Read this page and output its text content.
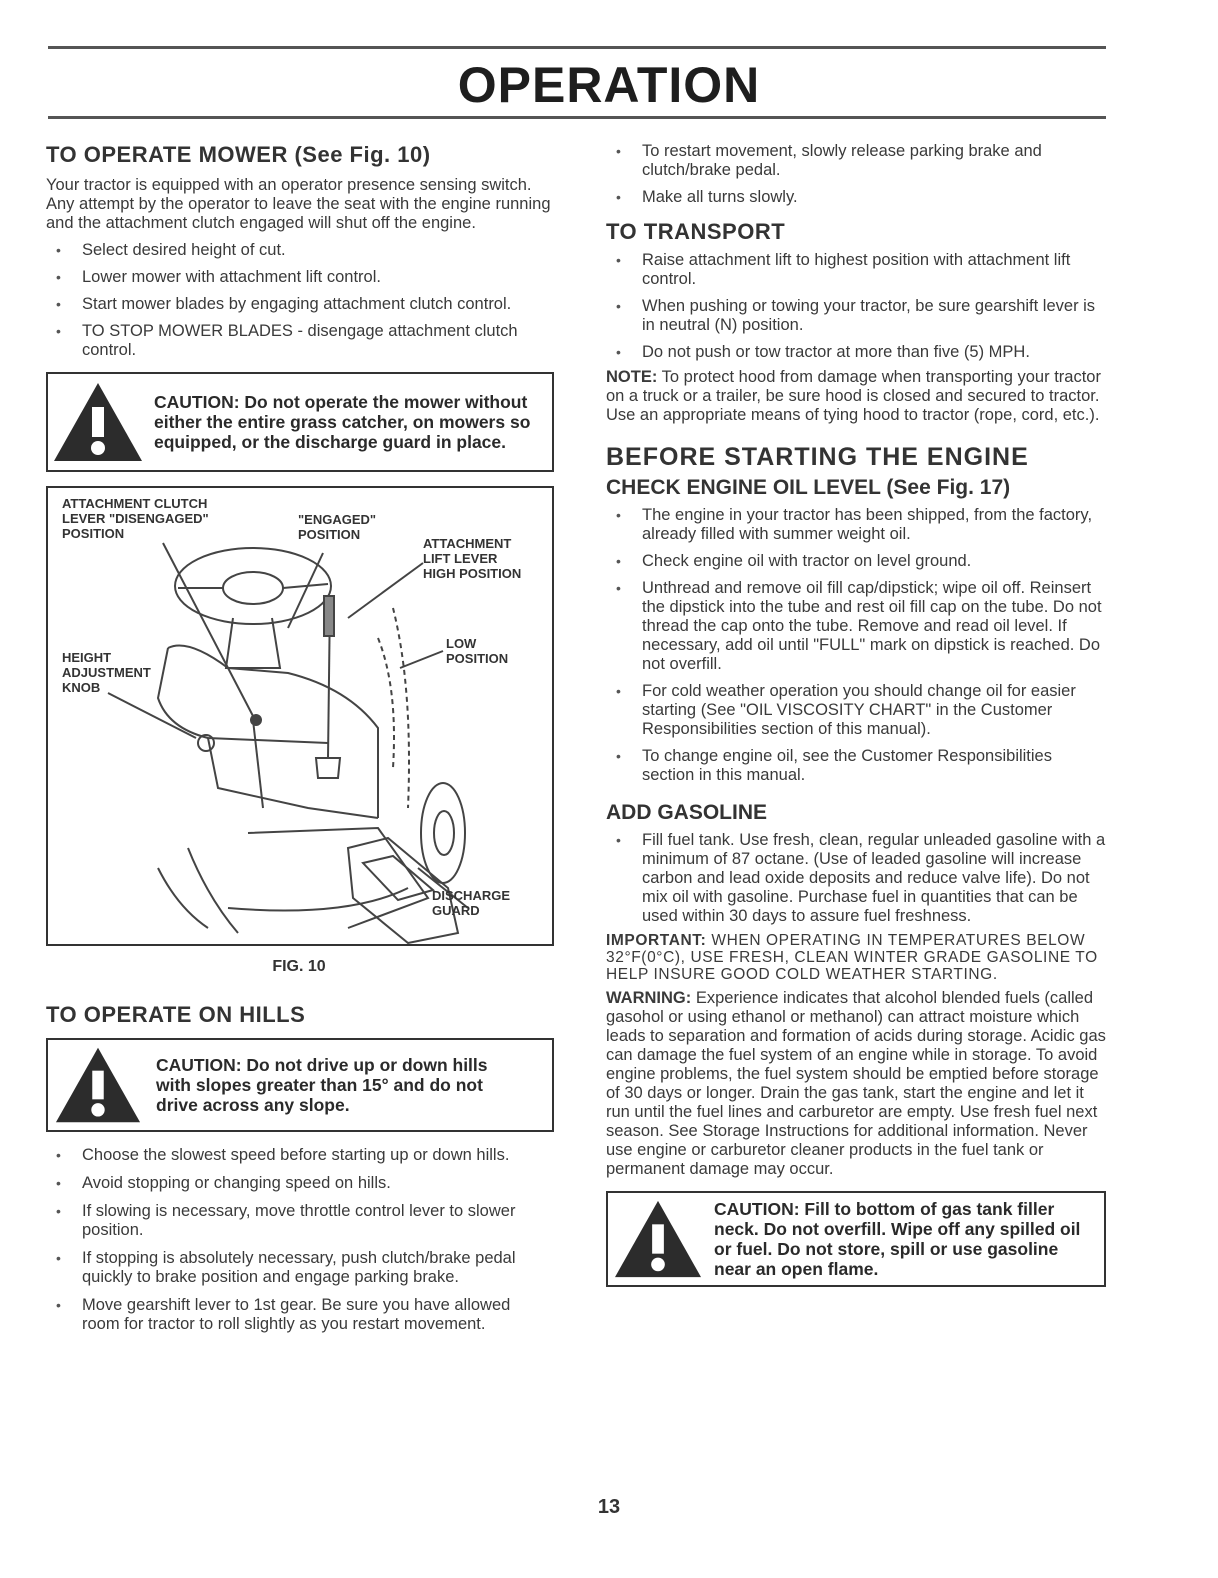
OPERATION
TO OPERATE MOWER (See Fig. 10)

Your tractor is equipped with an operator presence sensing switch. Any attempt by the operator to leave the seat with the engine running and the attachment clutch engaged will shut off the engine.

• Select desired height of cut.
• Lower mower with attachment lift control.
• Start mower blades by engaging attachment clutch control.
• TO STOP MOWER BLADES - disengage attachment clutch control.
CAUTION: Do not operate the mower without either the entire grass catcher, on mowers so equipped, or the discharge guard in place.
ATTACHMENT CLUTCH
LEVER "DISENGAGED"
POSITION
"ENGAGED"
POSITION
ATTACHMENT
LIFT LEVER
HIGH POSITION
LOW
POSITION
HEIGHT
ADJUSTMENT
KNOB
DISCHARGE
GUARD
FIG. 10
TO OPERATE ON HILLS
CAUTION: Do not drive up or down hills with slopes greater than 15° and do not drive across any slope.
• Choose the slowest speed before starting up or down hills.
• Avoid stopping or changing speed on hills.
• If slowing is necessary, move throttle control lever to slower position.
• If stopping is absolutely necessary, push clutch/brake pedal quickly to brake position and engage parking brake.
• Move gearshift lever to 1st gear. Be sure you have allowed room for tractor to roll slightly as you restart movement.
• To restart movement, slowly release parking brake and clutch/brake pedal.
• Make all turns slowly.
TO TRANSPORT
• Raise attachment lift to highest position with attachment lift control.
• When pushing or towing your tractor, be sure gearshift lever is in neutral (N) position.
• Do not push or tow tractor at more than five (5) MPH.

NOTE: To protect hood from damage when transporting your tractor on a truck or a trailer, be sure hood is closed and secured to tractor. Use an appropriate means of tying hood to tractor (rope, cord, etc.).

BEFORE STARTING THE ENGINE
CHECK ENGINE OIL LEVEL (See Fig. 17)
• The engine in your tractor has been shipped, from the factory, already filled with summer weight oil.
• Check engine oil with tractor on level ground.
• Unthread and remove oil fill cap/dipstick; wipe oil off. Reinsert the dipstick into the tube and rest oil fill cap on the tube. Do not thread the cap onto the tube. Remove and read oil level. If necessary, add oil until "FULL" mark on dipstick is reached. Do not overfill.
• For cold weather operation you should change oil for easier starting (See "OIL VISCOSITY CHART" in the Customer Responsibilities section of this manual).
• To change engine oil, see the Customer Responsibilities section in this manual.
ADD GASOLINE
• Fill fuel tank. Use fresh, clean, regular unleaded gasoline with a minimum of 87 octane. (Use of leaded gasoline will increase carbon and lead oxide deposits and reduce valve life). Do not mix oil with gasoline. Purchase fuel in quantities that can be used within 30 days to assure fuel freshness.

IMPORTANT: WHEN OPERATING IN TEMPERATURES BELOW 32°F(0°C), USE FRESH, CLEAN WINTER GRADE GASOLINE TO HELP INSURE GOOD COLD WEATHER STARTING.

WARNING: Experience indicates that alcohol blended fuels (called gasohol or using ethanol or methanol) can attract moisture which leads to separation and formation of acids during storage. Acidic gas can damage the fuel system of an engine while in storage. To avoid engine problems, the fuel system should be emptied before storage of 30 days or longer. Drain the gas tank, start the engine and let it run until the fuel lines and carburetor are empty. Use fresh fuel next season. See Storage Instructions for additional information. Never use engine or carburetor cleaner products in the fuel tank or permanent damage may occur.

CAUTION: Fill to bottom of gas tank filler neck. Do not overfill. Wipe off any spilled oil or fuel. Do not store, spill or use gasoline near an open flame.
13
